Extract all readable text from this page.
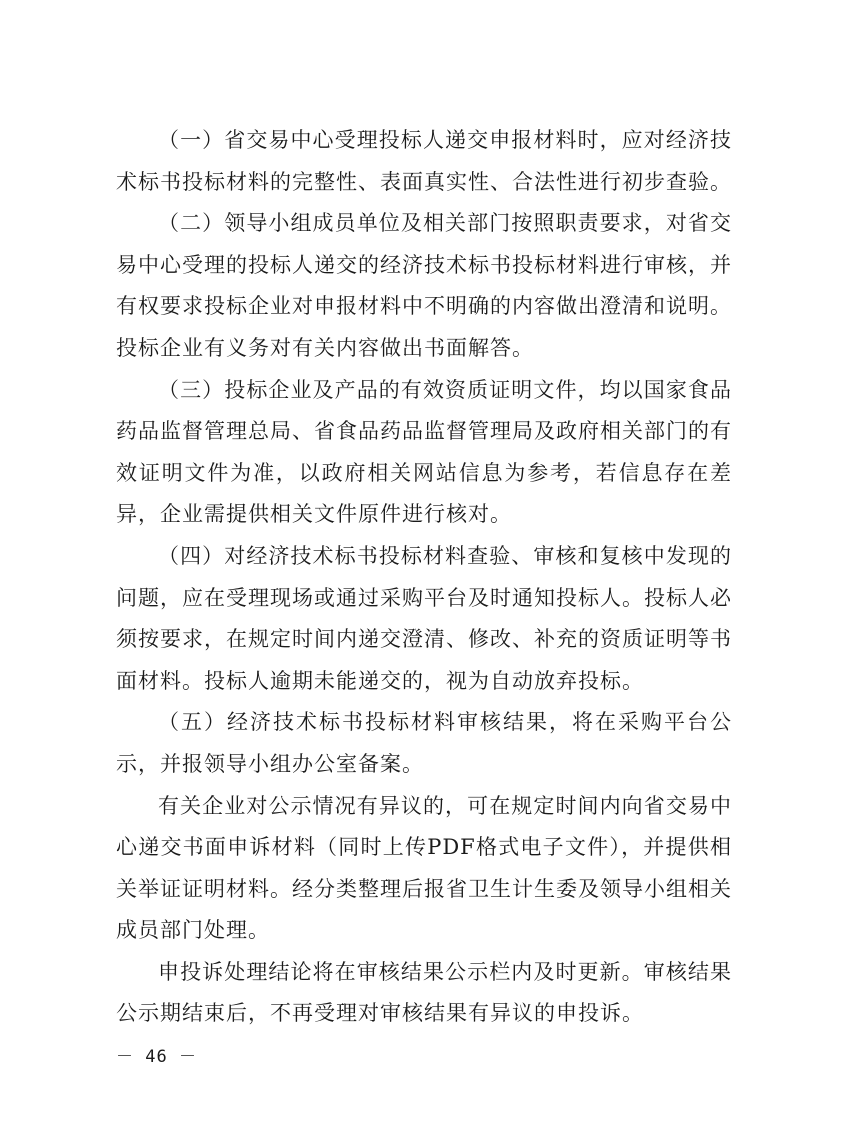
（一）省交易中心受理投标人递交申报材料时，应对经济技术标书投标材料的完整性、表面真实性、合法性进行初步查验。

（二）领导小组成员单位及相关部门按照职责要求，对省交易中心受理的投标人递交的经济技术标书投标材料进行审核，并有权要求投标企业对申报材料中不明确的内容做出澄清和说明。投标企业有义务对有关内容做出书面解答。

（三）投标企业及产品的有效资质证明文件，均以国家食品药品监督管理总局、省食品药品监督管理局及政府相关部门的有效证明文件为准，以政府相关网站信息为参考，若信息存在差异，企业需提供相关文件原件进行核对。

（四）对经济技术标书投标材料查验、审核和复核中发现的问题，应在受理现场或通过采购平台及时通知投标人。投标人必须按要求，在规定时间内递交澄清、修改、补充的资质证明等书面材料。投标人逾期未能递交的，视为自动放弃投标。

（五）经济技术标书投标材料审核结果，将在采购平台公示，并报领导小组办公室备案。

有关企业对公示情况有异议的，可在规定时间内向省交易中心递交书面申诉材料（同时上传PDF格式电子文件），并提供相关举证证明材料。经分类整理后报省卫生计生委及领导小组相关成员部门处理。

申投诉处理结论将在审核结果公示栏内及时更新。审核结果公示期结束后，不再受理对审核结果有异议的申投诉。

－ 46 －
